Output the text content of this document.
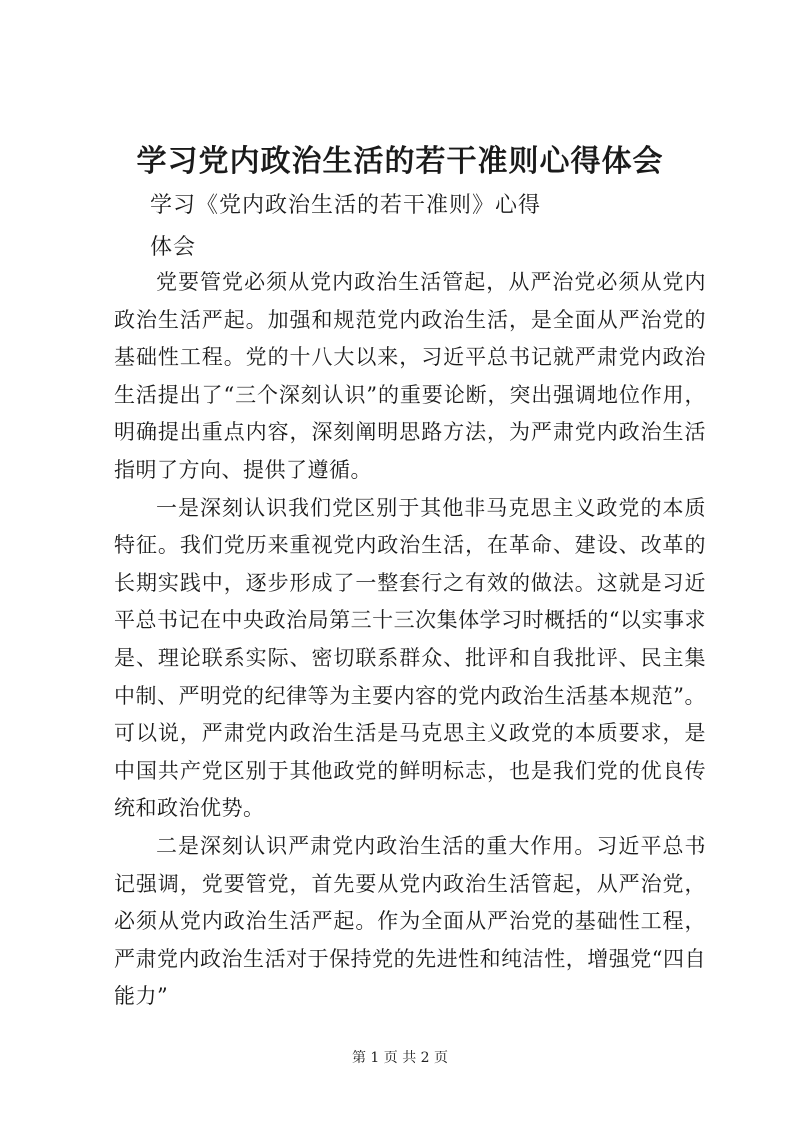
学习党内政治生活的若干准则心得体会

学习《党内政治生活的若干准则》心得

体会

党要管党必须从党内政治生活管起，从严治党必须从党内政治生活严起。加强和规范党内政治生活，是全面从严治党的基础性工程。党的十八大以来，习近平总书记就严肃党内政治生活提出了“三个深刻认识”的重要论断，突出强调地位作用，明确提出重点内容，深刻阐明思路方法，为严肃党内政治生活指明了方向、提供了遵循。

一是深刻认识我们党区别于其他非马克思主义政党的本质特征。我们党历来重视党内政治生活，在革命、建设、改革的长期实践中，逐步形成了一整套行之有效的做法。这就是习近平总书记在中央政治局第三十三次集体学习时概括的“以实事求是、理论联系实际、密切联系群众、批评和自我批评、民主集中制、严明党的纪律等为主要内容的党内政治生活基本规范”。可以说，严肃党内政治生活是马克思主义政党的本质要求，是中国共产党区别于其他政党的鲜明标志，也是我们党的优良传统和政治优势。

二是深刻认识严肃党内政治生活的重大作用。习近平总书记强调，党要管党，首先要从党内政治生活管起，从严治党，必须从党内政治生活严起。作为全面从严治党的基础性工程，严肃党内政治生活对于保持党的先进性和纯洁性，增强党“四自能力”

第 1 页 共 2 页
